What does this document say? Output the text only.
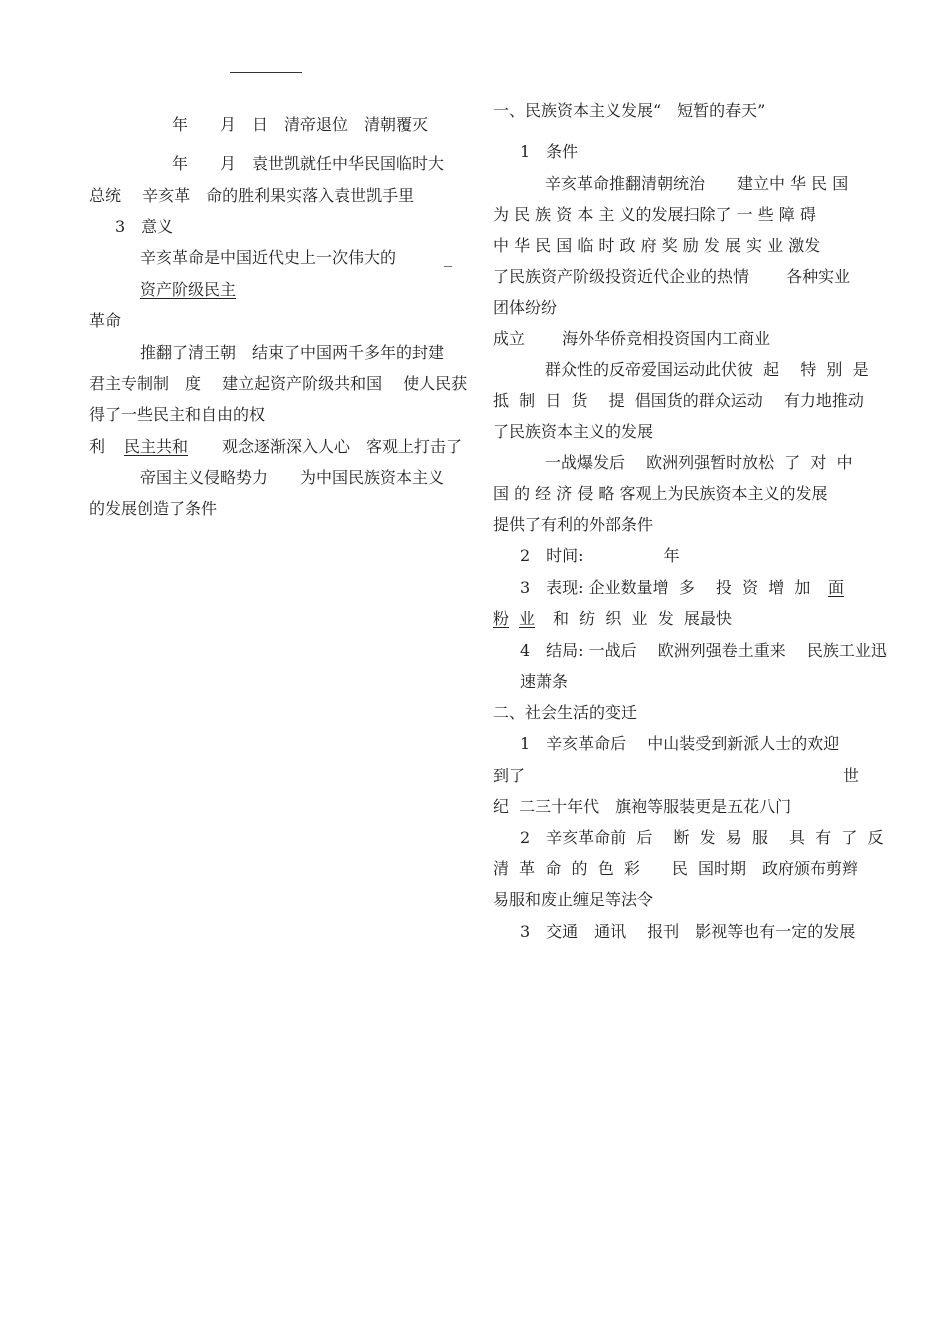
年　　月　日　清帝退位　清朝覆灭
年　　月　袁世凯就任中华民国临时大
总统　 辛亥革　命的胜利果实落入袁世凯手里
3　意义
辛亥革命是中国近代史上一次伟大的　　　_
资产阶级民主
革命
推翻了清王朝　结束了中国两千多年的封建
君主专制制　度　 建立起资产阶级共和国　 使人民获
得了一些民主和自由的权
利 民主共和 观念逐渐深入人心　客观上打击了
帝国主义侵略势力　　为中国民族资本主义
的发展创造了条件
一、民族资本主义发展“　短暂的春天”
1　条件
辛亥革命推翻清朝统治　　建立中 华 民 国
为 民 族 资 本 主 义的发展扫除了 一 些 障 碍
中 华 民 国 临 时 政 府 奖 励 发 展 实 业 激发
了民族资产阶级投资近代企业的热情　　 各种实业
团体纷纷
成立　　 海外华侨竞相投资国内工商业
群众性的反帝爱国运动此伏彼  起　 特  别  是
抵  制  日  货　 提  倡国货的群众运动　 有力地推动
了民族资本主义的发展
一战爆发后　 欧洲列强暂时放松  了  对  中
国 的 经 济 侵 略 客观上为民族资本主义的发展
提供了有利的外部条件
2　时间:　　　　　年
3　表现: 企业数量增  多　 投  资  增  加 面
粉 业 和  纺  织  业  发  展最快
4　结局: 一战后　 欧洲列强卷土重来　 民族工业迅
速萧条
二、社会生活的变迁
1　辛亥革命后　 中山装受到新派人士的欢迎
到了	世
纪  二三十年代　旗袍等服装更是五花八门
2　辛亥革命前  后　 断  发  易  服　 具  有  了  反
清  革  命  的  色  彩　　民  国时期　政府颁布剪辫
易服和废止缠足等法令
3　交通　通讯　 报刊　影视等也有一定的发展
